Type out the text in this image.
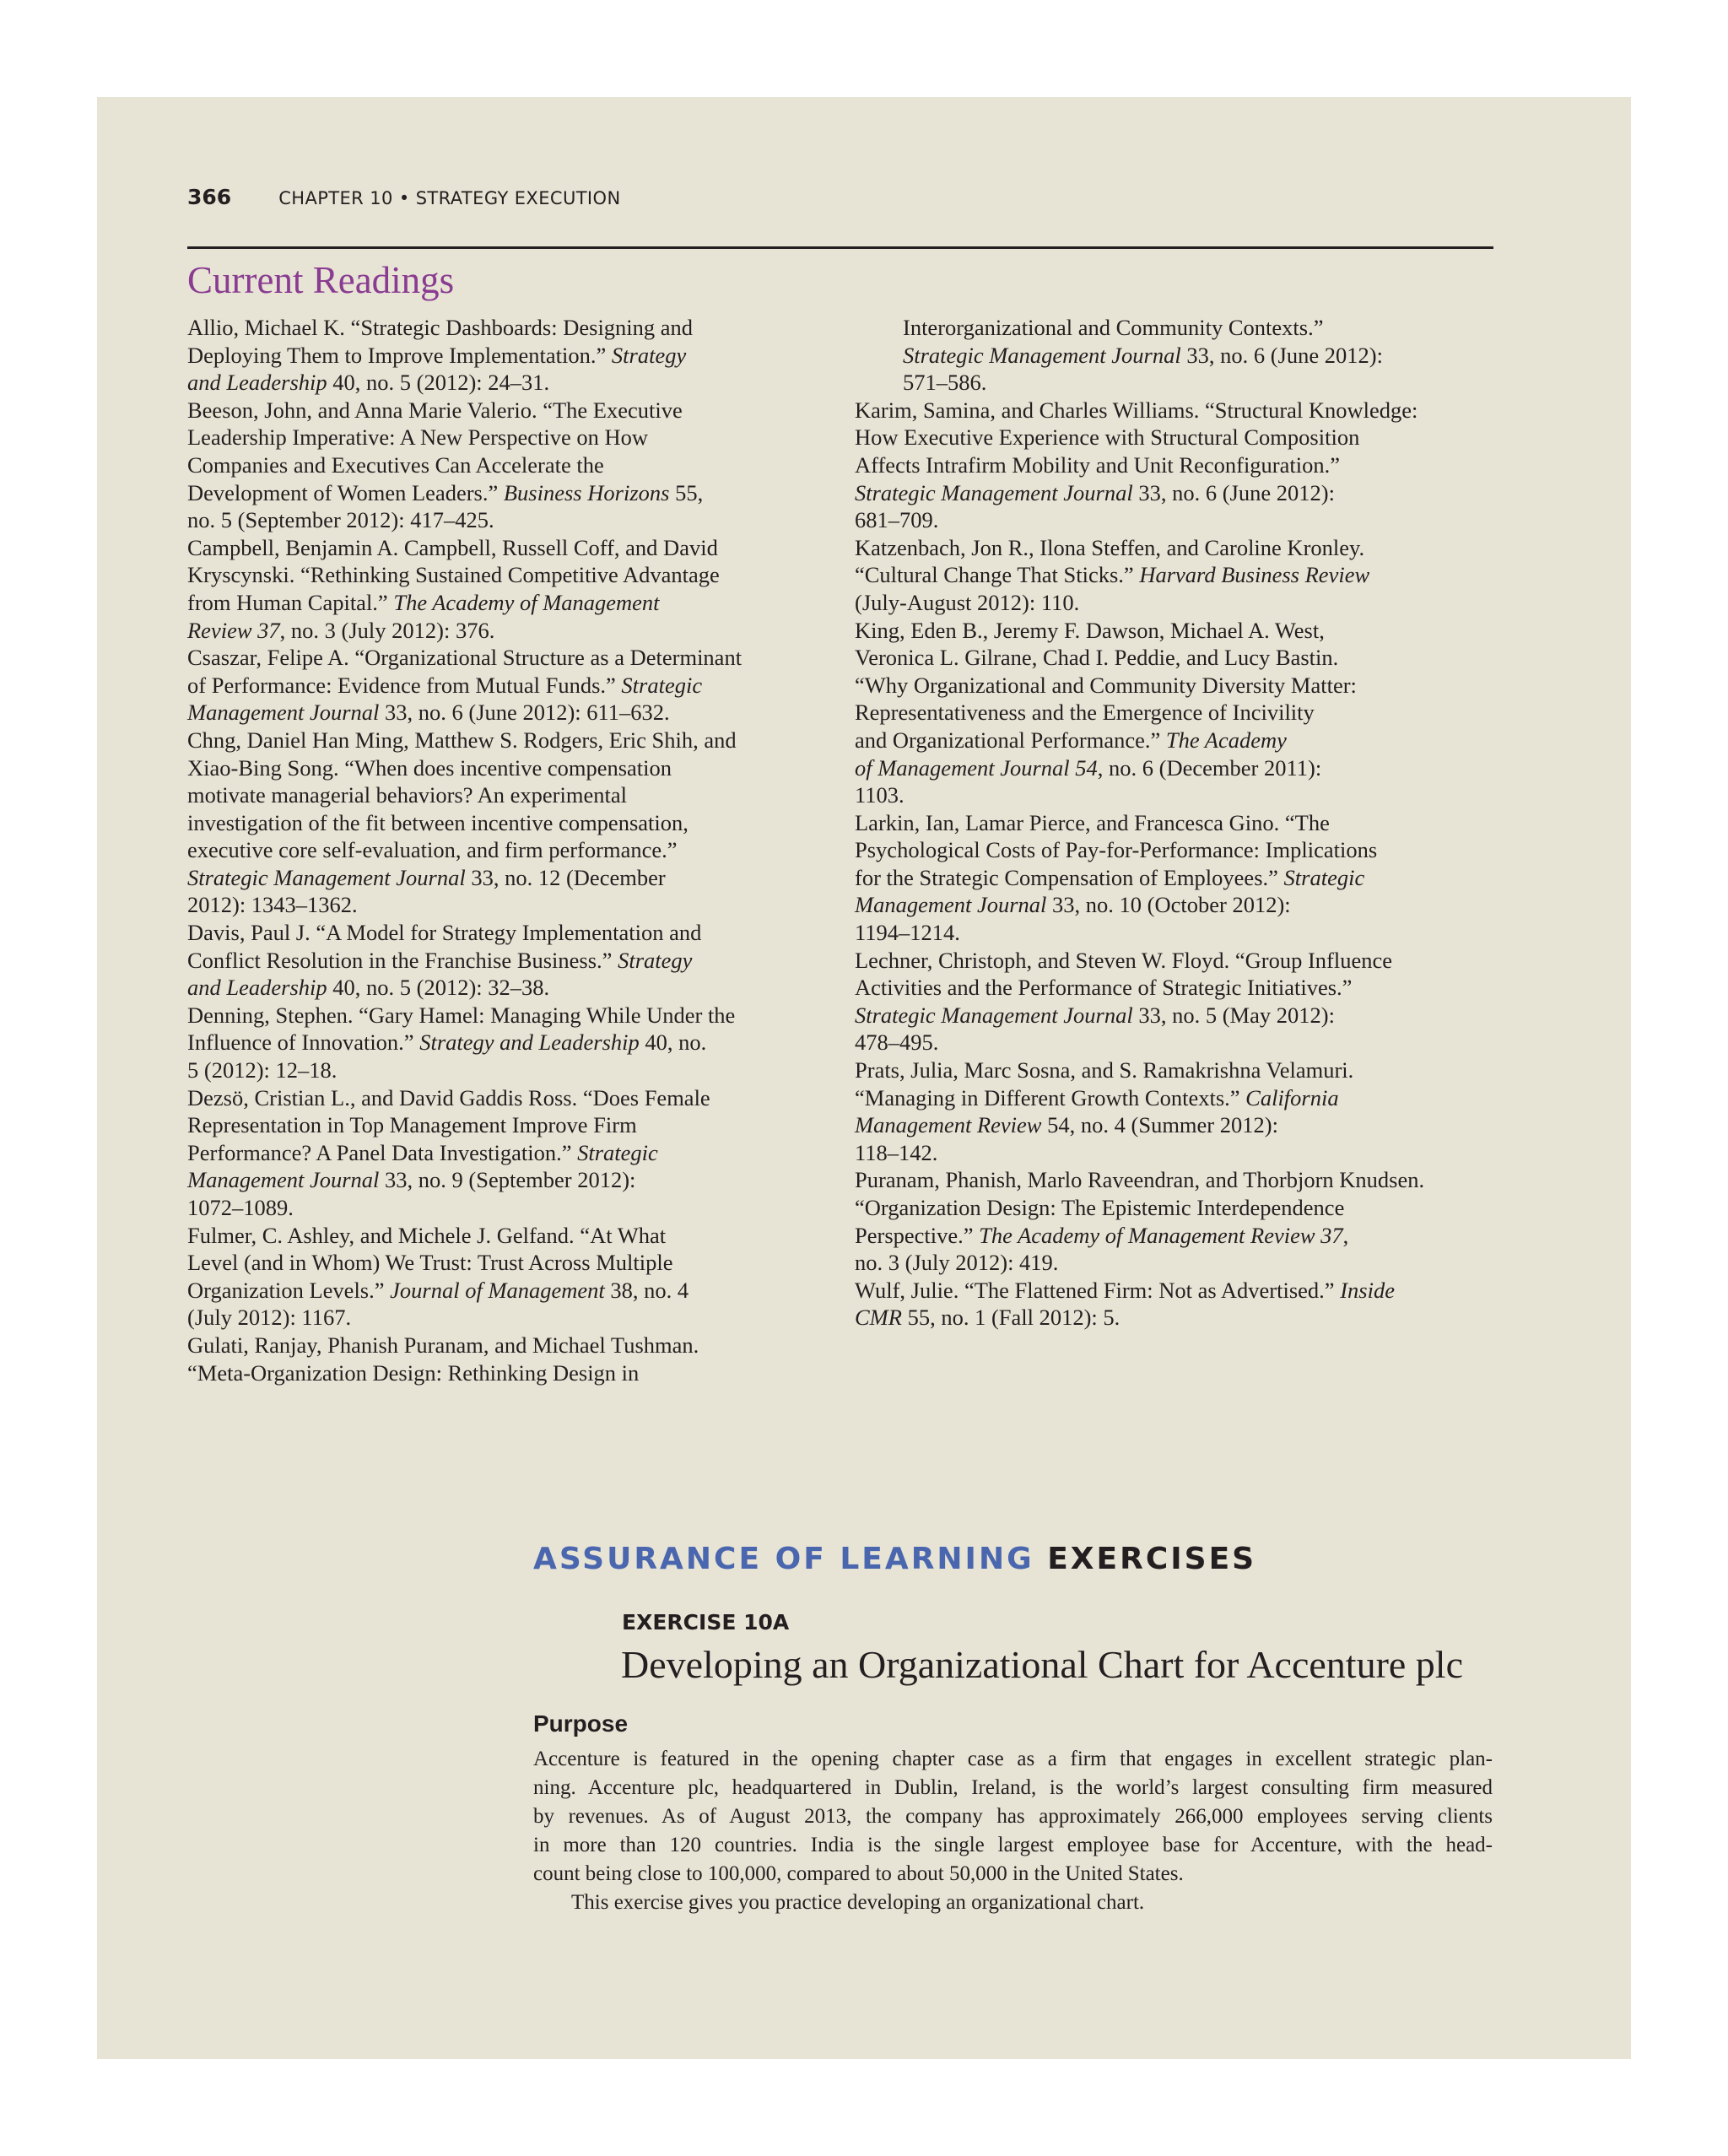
366	CHAPTER 10 • STRATEGY EXECUTION
Current Readings
Allio, Michael K. “Strategic Dashboards: Designing and
Deploying Them to Improve Implementation.” Strategy
and Leadership 40, no. 5 (2012): 24–31.
Beeson, John, and Anna Marie Valerio. “The Executive
Leadership Imperative: A New Perspective on How
Companies and Executives Can Accelerate the
Development of Women Leaders.” Business Horizons 55,
no. 5 (September 2012): 417–425.
Campbell, Benjamin A. Campbell, Russell Coff, and David
Kryscynski. “Rethinking Sustained Competitive Advantage
from Human Capital.” The Academy of Management
Review 37, no. 3 (July 2012): 376.
Csaszar, Felipe A. “Organizational Structure as a Determinant
of Performance: Evidence from Mutual Funds.” Strategic
Management Journal 33, no. 6 (June 2012): 611–632.
Chng, Daniel Han Ming, Matthew S. Rodgers, Eric Shih, and
Xiao-Bing Song. “When does incentive compensation
motivate managerial behaviors? An experimental
investigation of the fit between incentive compensation,
executive core self-evaluation, and firm performance.”
Strategic Management Journal 33, no. 12 (December
2012): 1343–1362.
Davis, Paul J. “A Model for Strategy Implementation and
Conflict Resolution in the Franchise Business.” Strategy
and Leadership 40, no. 5 (2012): 32–38.
Denning, Stephen. “Gary Hamel: Managing While Under the
Influence of Innovation.” Strategy and Leadership 40, no.
5 (2012): 12–18.
Dezsö, Cristian L., and David Gaddis Ross. “Does Female
Representation in Top Management Improve Firm
Performance? A Panel Data Investigation.” Strategic
Management Journal 33, no. 9 (September 2012):
1072–1089.
Fulmer, C. Ashley, and Michele J. Gelfand. “At What
Level (and in Whom) We Trust: Trust Across Multiple
Organization Levels.” Journal of Management 38, no. 4
(July 2012): 1167.
Gulati, Ranjay, Phanish Puranam, and Michael Tushman.
“Meta-Organization Design: Rethinking Design in
Interorganizational and Community Contexts.”
Strategic Management Journal 33, no. 6 (June 2012):
571–586.
Karim, Samina, and Charles Williams. “Structural Knowledge:
How Executive Experience with Structural Composition
Affects Intrafirm Mobility and Unit Reconfiguration.”
Strategic Management Journal 33, no. 6 (June 2012):
681–709.
Katzenbach, Jon R., Ilona Steffen, and Caroline Kronley.
“Cultural Change That Sticks.” Harvard Business Review
(July-August 2012): 110.
King, Eden B., Jeremy F. Dawson, Michael A. West,
Veronica L. Gilrane, Chad I. Peddie, and Lucy Bastin.
“Why Organizational and Community Diversity Matter:
Representativeness and the Emergence of Incivility
and Organizational Performance.” The Academy
of Management Journal 54, no. 6 (December 2011):
1103.
Larkin, Ian, Lamar Pierce, and Francesca Gino. “The
Psychological Costs of Pay-for-Performance: Implications
for the Strategic Compensation of Employees.” Strategic
Management Journal 33, no. 10 (October 2012):
1194–1214.
Lechner, Christoph, and Steven W. Floyd. “Group Influence
Activities and the Performance of Strategic Initiatives.”
Strategic Management Journal 33, no. 5 (May 2012):
478–495.
Prats, Julia, Marc Sosna, and S. Ramakrishna Velamuri.
“Managing in Different Growth Contexts.” California
Management Review 54, no. 4 (Summer 2012):
118–142.
Puranam, Phanish, Marlo Raveendran, and Thorbjorn Knudsen.
“Organization Design: The Epistemic Interdependence
Perspective.” The Academy of Management Review 37,
no. 3 (July 2012): 419.
Wulf, Julie. “The Flattened Firm: Not as Advertised.” Inside
CMR 55, no. 1 (Fall 2012): 5.
ASSURANCE OF LEARNING EXERCISES
EXERCISE 10A
Developing an Organizational Chart for Accenture plc
Purpose
Accenture is featured in the opening chapter case as a firm that engages in excellent strategic plan-
ning. Accenture plc, headquartered in Dublin, Ireland, is the world’s largest consulting firm measured
by revenues. As of August 2013, the company has approximately 266,000 employees serving clients
in more than 120 countries. India is the single largest employee base for Accenture, with the head-
count being close to 100,000, compared to about 50,000 in the United States.
This exercise gives you practice developing an organizational chart.
